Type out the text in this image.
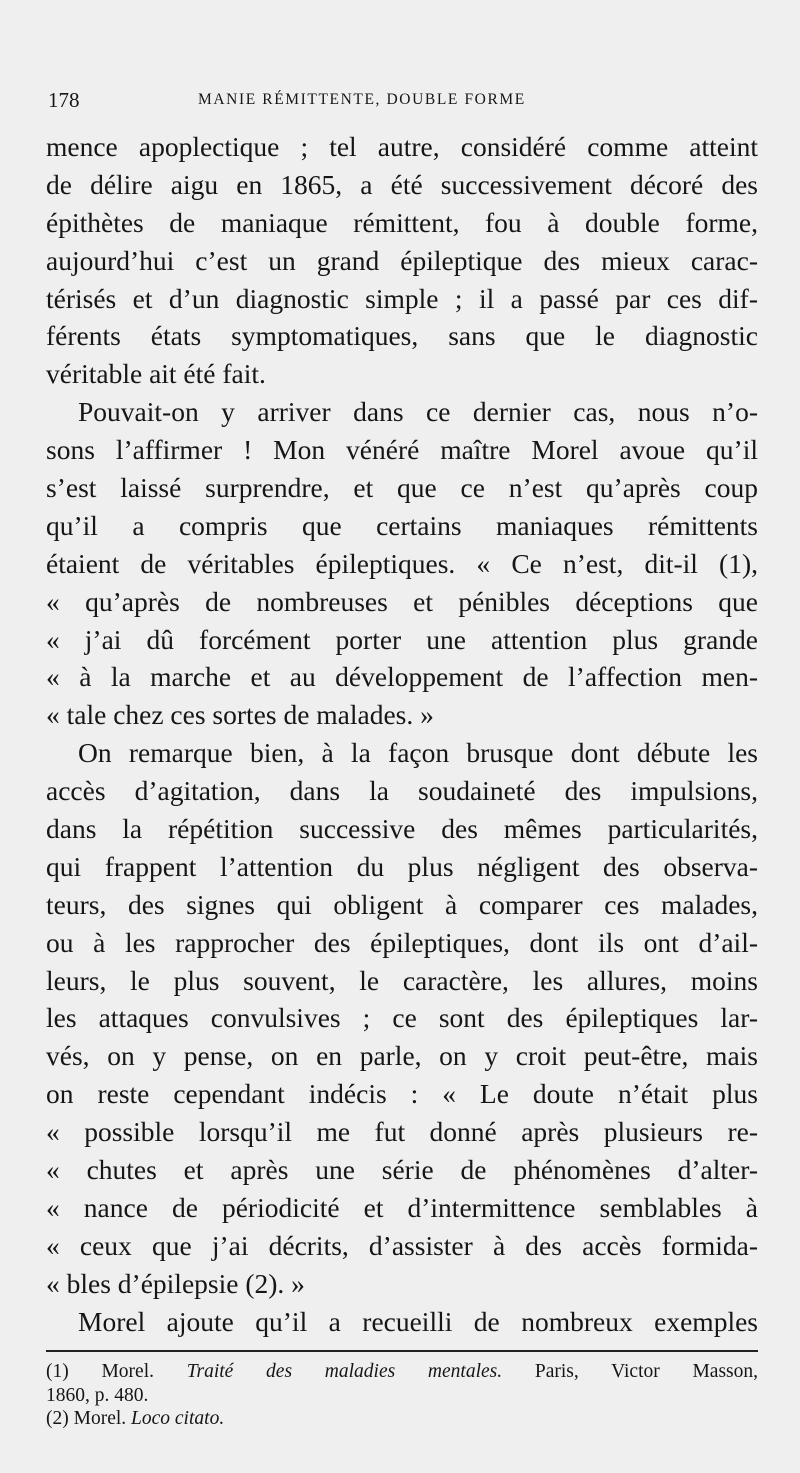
178	MANIE RÉMITTENTE, DOUBLE FORME
mence apoplectique ; tel autre, considéré comme atteint
de délire aigu en 1865, a été successivement décoré des
épithètes de maniaque rémittent, fou à double forme,
aujourd’hui c’est un grand épileptique des mieux carac-
térisés et d’un diagnostic simple ; il a passé par ces dif-
férents états symptomatiques, sans que le diagnostic
véritable ait été fait.
Pouvait-on y arriver dans ce dernier cas, nous n’o-
sons l’affirmer ! Mon vénéré maître Morel avoue qu’il
s’est laissé surprendre, et que ce n’est qu’après coup
qu’il a compris que certains maniaques rémittents
étaient de véritables épileptiques. « Ce n’est, dit-il (1),
« qu’après de nombreuses et pénibles déceptions que
« j’ai dû forcément porter une attention plus grande
« à la marche et au développement de l’affection men-
« tale chez ces sortes de malades. »
On remarque bien, à la façon brusque dont débute les
accès d’agitation, dans la soudaineté des impulsions,
dans la répétition successive des mêmes particularités,
qui frappent l’attention du plus négligent des observa-
teurs, des signes qui obligent à comparer ces malades,
ou à les rapprocher des épileptiques, dont ils ont d’ail-
leurs, le plus souvent, le caractère, les allures, moins
les attaques convulsives ; ce sont des épileptiques lar-
vés, on y pense, on en parle, on y croit peut-être, mais
on reste cependant indécis : « Le doute n’était plus
« possible lorsqu’il me fut donné après plusieurs re-
« chutes et après une série de phénomènes d’alter-
« nance de périodicité et d’intermittence semblables à
« ceux que j’ai décrits, d’assister à des accès formida-
« bles d’épilepsie (2). »
Morel ajoute qu’il a recueilli de nombreux exemples
(1) Morel. Traité des maladies mentales. Paris, Victor Masson,
1860, p. 480.
(2) Morel. Loco citato.
